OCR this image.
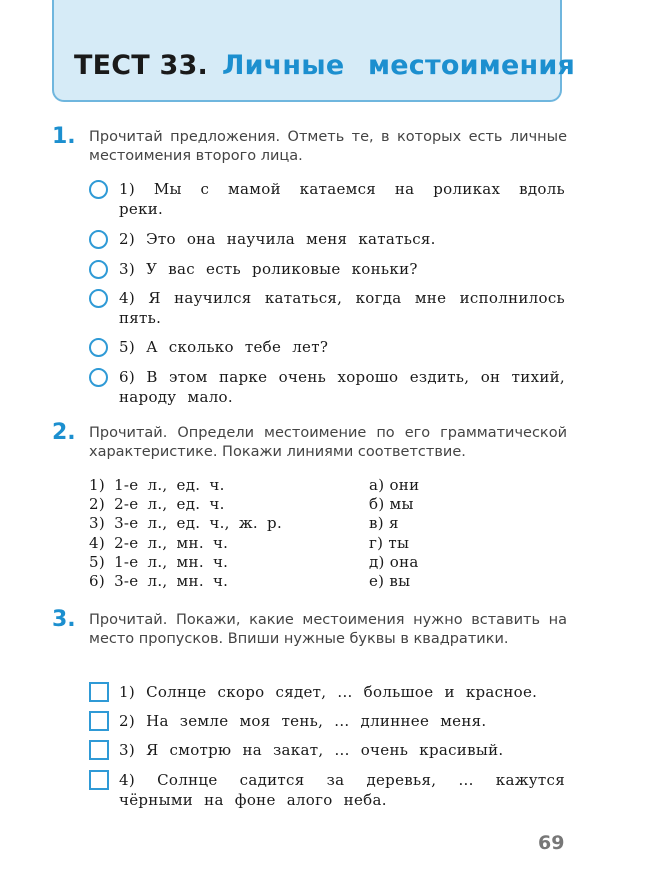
ТЕСТ 33. Личные местоимения
1. Прочитай предложения. Отметь те, в которых есть личные местоимения второго лица.
1) Мы с мамой катаемся на роликах вдоль реки.
2) Это она научила меня кататься.
3) У вас есть роликовые коньки?
4) Я научился кататься, когда мне исполнилось пять.
5) А сколько тебе лет?
6) В этом парке очень хорошо ездить, он тихий, народу мало.
2. Прочитай. Определи местоимение по его грамматической характеристике. Покажи линиями соответствие.
1) 1-е л., ед. ч.	а) они
2) 2-е л., ед. ч.	б) мы
3) 3-е л., ед. ч., ж. р.	в) я
4) 2-е л., мн. ч.	г) ты
5) 1-е л., мн. ч.	д) она
6) 3-е л., мн. ч.	е) вы
3. Прочитай. Покажи, какие местоимения нужно вставить на место пропусков. Впиши нужные буквы в квадратики.
1) Солнце скоро сядет, ... большое и красное.
2) На земле моя тень, ... длиннее меня.
3) Я смотрю на закат, ... очень красивый.
4) Солнце садится за деревья, ... кажутся чёрными на фоне алого неба.
69
